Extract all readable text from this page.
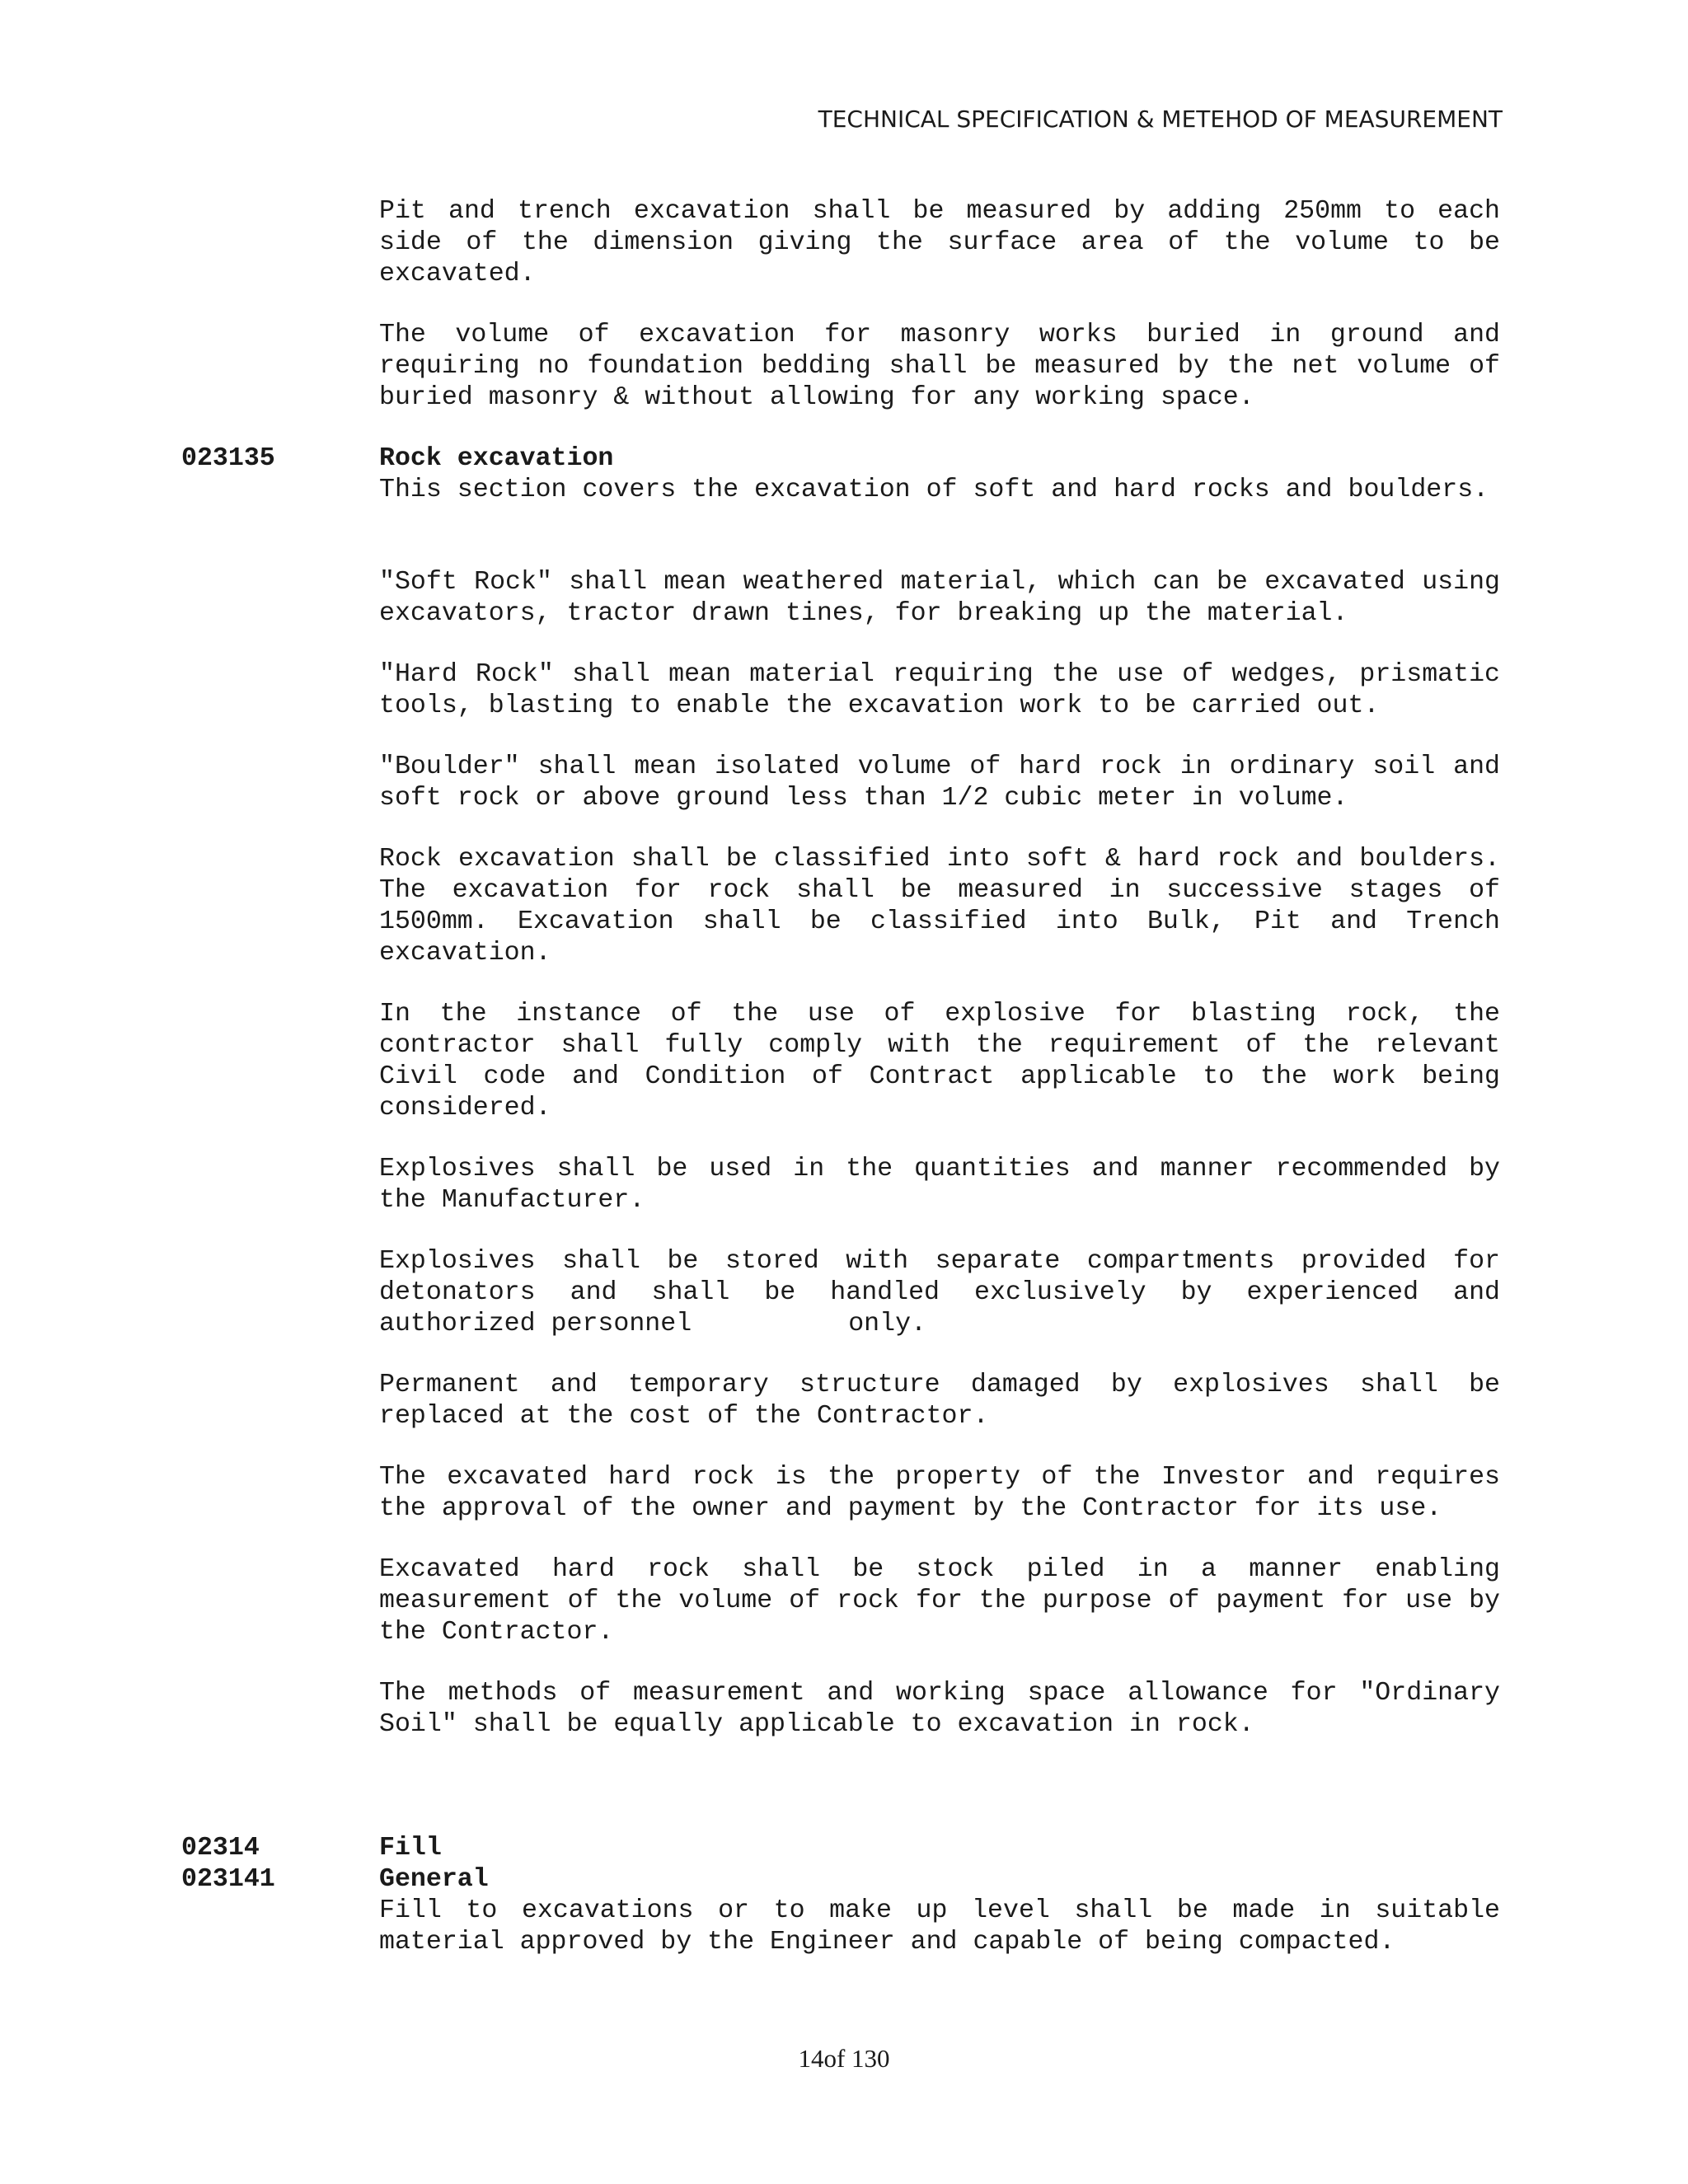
TECHNICAL SPECIFICATION & METEHOD OF MEASUREMENT
Pit and trench excavation shall be measured by adding 250mm to each side of the dimension giving the surface area of the volume to be excavated.
The volume of excavation for masonry works buried in ground and requiring no foundation bedding shall be measured by the net volume of buried masonry & without allowing for any working space.
023135	Rock excavation
This section covers the excavation of soft and hard rocks and boulders.
"Soft Rock" shall mean weathered material, which can be excavated using excavators, tractor drawn tines, for breaking up the material.
"Hard Rock" shall mean material requiring the use of wedges, prismatic tools, blasting to enable the excavation work to be carried out.
"Boulder" shall mean isolated volume of hard rock in ordinary soil and soft rock or above ground less than 1/2 cubic meter in volume.
Rock excavation shall be classified into soft & hard rock and boulders. The excavation for rock shall be measured in successive stages of 1500mm. Excavation shall be classified into Bulk, Pit and Trench excavation.
In the instance of the use of explosive for blasting rock, the contractor shall fully comply with the requirement of the relevant Civil code and Condition of Contract applicable to the work being considered.
Explosives shall be used in the quantities and manner recommended by the Manufacturer.
Explosives shall be stored with separate compartments provided for detonators and shall be handled exclusively by experienced and authorized personnel	only.
Permanent and temporary structure damaged by explosives shall be replaced at the cost of the Contractor.
The excavated hard rock is the property of the Investor and requires the approval of the owner and payment by the Contractor for its use.
Excavated hard rock shall be stock piled in a manner enabling measurement of the volume of rock for the purpose of payment for use by the Contractor.
The methods of measurement and working space allowance for "Ordinary Soil" shall be equally applicable to excavation in rock.
02314	Fill
023141	General
Fill to excavations or to make up level shall be made in suitable material approved by the Engineer and capable of being compacted.
14of 130
